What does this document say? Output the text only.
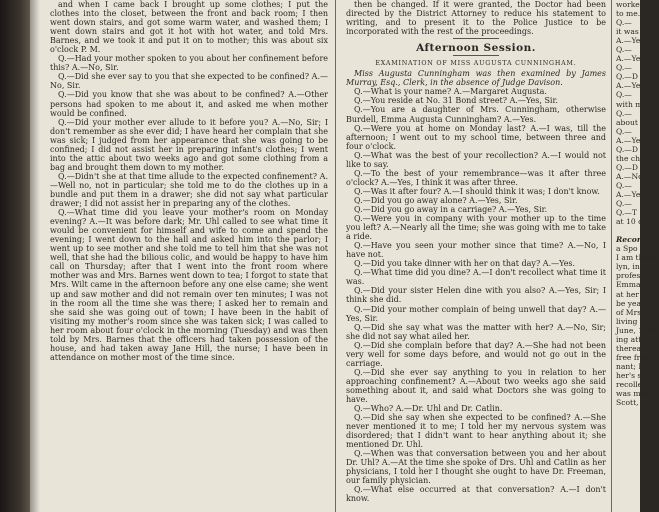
and when I came back I brought up some clothes; I put the clothes into the closet, between the front and back room; I then went down stairs, and got some warm water, and washed them; I went down stairs and got it hot with hot water, and told Mrs. Barnes, and we took it and put it on to mother; this was about six o'clock P. M.

Q.—Had your mother spoken to you about her confinement before this? A.—No, Sir.

Q.—Did she ever say to you that she expected to be confined? A.—No, Sir.

Q.—Did you know that she was about to be confined? A.—Other persons had spoken to me about it, and asked me when mother would be confined.

Q.—Did your mother ever allude to it before you? A.—No, Sir; I don't remember as she ever did; I have heard her complain that she was sick; I judged from her appearance that she was going to be confined; I did not assist her in preparing infant's clothes; I went into the attic about two weeks ago and got some clothing from a bag and brought them down to my mother.

Q.—Didn't she at that time allude to the expected confinement? A.—Well no, not in particular; she told me to do the clothes up in a bundle and put them in a drawer; she did not say what particular drawer; I did not assist her in preparing any of the clothes.

Q.—What time did you leave your mother's room on Monday evening? A.—It was before dark; Mr. Uhl called to see what time it would be convenient for himself and wife to come and spend the evening; I went down to the hall and asked him into the parlor; I went up to see mother and she told me to tell him that she was not well, that she had the bilious colic, and would be happy to have him call on Thursday; after that I went into the front room where mother was and Mrs. Barnes went down to tea; I forgot to state that Mrs. Wilt came in the afternoon before any one else came; she went up and saw mother and did not remain over ten minutes; I was not in the room all the time she was there; I asked her to remain and she said she was going out of town; I have been in the habit of visiting my mother's room since she was taken sick; I was called to her room about four o'clock in the morning (Tuesday) and was then told by Mrs. Barnes that the officers had taken possession of the house, and had taken away Jane Hill, the nurse; I have been in attendance on mother most of the time since.

then be changed. If it were granted, the Doctor had been directed by the District Attorney to reduce his statement to writing, and to present it to the Police Justice to be incorporated with the rest of the proceedings.

Afternoon Session.
EXAMINATION OF MISS AUGUSTA CUNNINGHAM.

Miss Augusta Cunningham was then examined by James Murray, Esq., Clerk, in the absence of Judge Davison.

Q.—What is your name? A.—Margaret Augusta.

Q.—You reside at No. 31 Bond street? A.—Yes, Sir.

Q.—You are a daughter of Mrs. Cunningham, otherwise Burdell, Emma Augusta Cunningham? A.—Yes.

Q.—Were you at home on Monday last? A.—I was, till the afternoon; I went out to my school time, between three and four o'clock.

Q.—What was the best of your recollection? A.—I would not like to say.

Q.—To the best of your remembrance—was it after three o'clock? A.—Yes, I think it was after three.

Q.—Was it after four? A.—I should think it was; I don't know.

Q.—Did you go away alone? A.—Yes, Sir.

Q.—Did you go away in a carriage? A.—Yes, Sir.

Q.—Were you in company with your mother up to the time you left? A.—Nearly all the time; she was going with me to take a ride.

Q.—Have you seen your mother since that time? A.—No, I have not.

Q.—Did you take dinner with her on that day? A.—Yes.

Q.—What time did you dine? A.—I don't recollect what time it was.

Q.—Did your sister Helen dine with you also? A.—Yes, Sir; I think she did.

Q.—Did your mother complain of being unwell that day? A.—Yes, Sir.

Q.—Did she say what was the matter with her? A.—No, Sir; she did not say what ailed her.

Q.—Did she complain before that day? A.—She had not been very well for some days before, and would not go out in the carriage.

Q.—Did she ever say anything to you in relation to her approaching confinement? A.—About two weeks ago she said something about it, and said what Doctors she was going to have.

Q.—Who? A.—Dr. Uhl and Dr. Catlin.

Q.—Did she say when she expected to be confined? A.—She never mentioned it to me; I told her my nervous system was disordered; that I didn't want to hear anything about it; she mentioned Dr. Uhl.

Q.—When was that conversation between you and her about Dr. Uhl? A.—At the time she spoke of Drs. Uhl and Catlin as her physicians, I told her I thought she ought to have Dr. Freeman, our family physician.

Q.—What else occurred at that conversation? A.—I don't know.

worked up

to me.

Q.—

it was

A.—Yes

Q.—

A.—Yes

Q.—

Q.—D

A.—Yes

Q.—

with me

Q.—

about

Q.—

A.—Yes

Q.—D

the child

Q.—D

A.—No

Q.—

A.—Yes

Q.—

Q.—T

at 10 o'

Record

a Spo

I am thirty

lyn, in C

profession

Emma Aug

at her rec

be years

of Mrs. C

living tog

June, 1855

ing attend

thereafter

free from

nant; I h

her's sense

recollecti

was mar

Scott,
